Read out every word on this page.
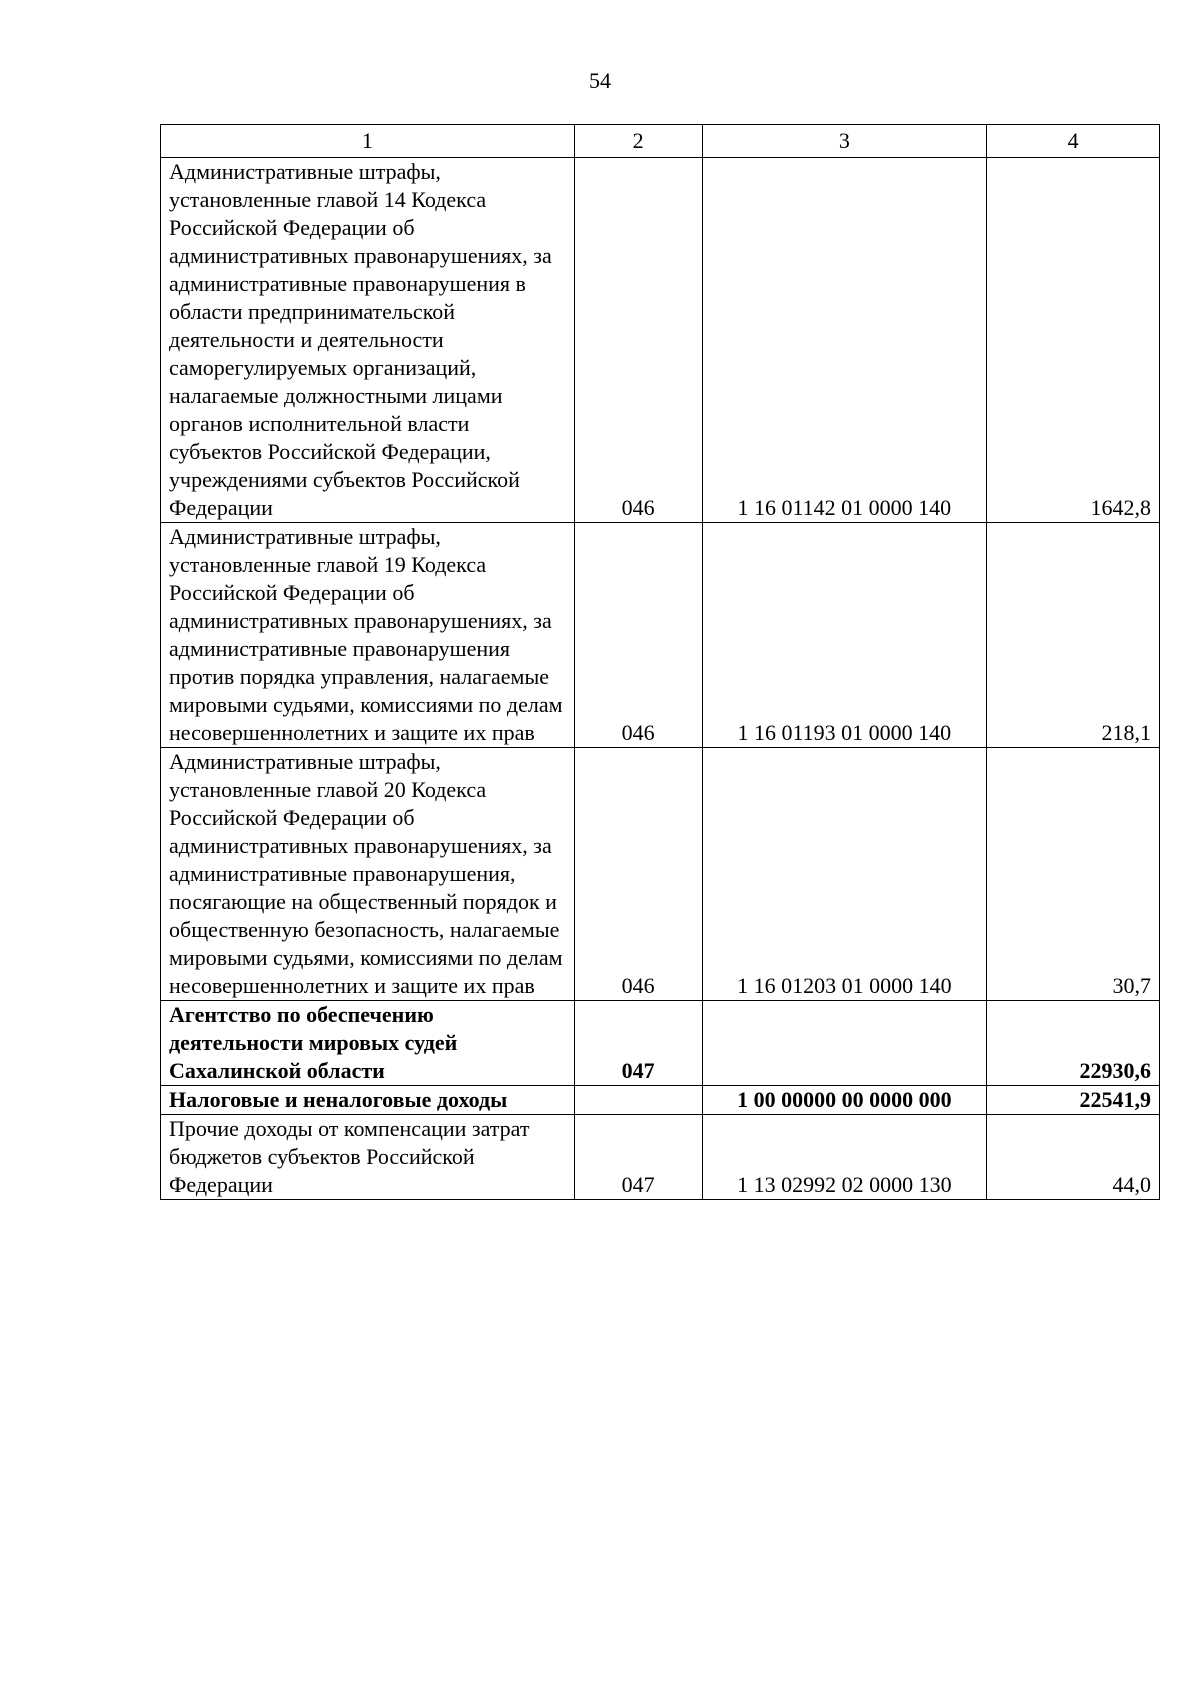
54
1	2	3	4
Административные штрафы, установленные главой 14 Кодекса Российской Федерации об административных правонарушениях, за административные правонарушения в области предпринимательской деятельности и деятельности саморегулируемых организаций, налагаемые должностными лицами органов исполнительной власти субъектов Российской Федерации, учреждениями субъектов Российской Федерации	046	1 16 01142 01 0000 140	1642,8
Административные штрафы, установленные главой 19 Кодекса Российской Федерации об административных правонарушениях, за административные правонарушения против порядка управления, налагаемые мировыми судьями, комиссиями по делам несовершеннолетних и защите их прав	046	1 16 01193 01 0000 140	218,1
Административные штрафы, установленные главой 20 Кодекса Российской Федерации об административных правонарушениях, за административные правонарушения, посягающие на общественный порядок и общественную безопасность, налагаемые мировыми судьями, комиссиями по делам несовершеннолетних и защите их прав	046	1 16 01203 01 0000 140	30,7
Агентство по обеспечению деятельности мировых судей Сахалинской области	047		22930,6
Налоговые и неналоговые доходы		1 00 00000 00 0000 000	22541,9
Прочие доходы от компенсации затрат бюджетов субъектов Российской Федерации	047	1 13 02992 02 0000 130	44,0
